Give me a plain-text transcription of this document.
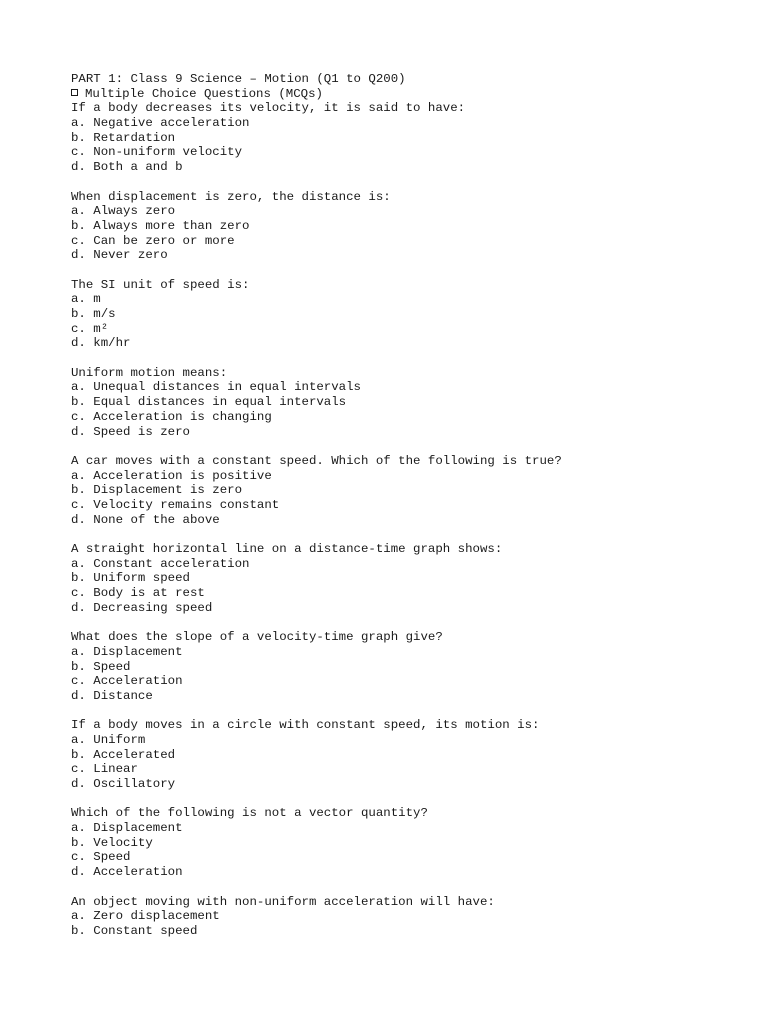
PART 1: Class 9 Science – Motion (Q1 to Q200)
Multiple Choice Questions (MCQs)
If a body decreases its velocity, it is said to have:
a. Negative acceleration
b. Retardation
c. Non-uniform velocity
d. Both a and b
When displacement is zero, the distance is:
a. Always zero
b. Always more than zero
c. Can be zero or more
d. Never zero
The SI unit of speed is:
a. m
b. m/s
c. m²
d. km/hr
Uniform motion means:
a. Unequal distances in equal intervals
b. Equal distances in equal intervals
c. Acceleration is changing
d. Speed is zero
A car moves with a constant speed. Which of the following is true?
a. Acceleration is positive
b. Displacement is zero
c. Velocity remains constant
d. None of the above
A straight horizontal line on a distance-time graph shows:
a. Constant acceleration
b. Uniform speed
c. Body is at rest
d. Decreasing speed
What does the slope of a velocity-time graph give?
a. Displacement
b. Speed
c. Acceleration
d. Distance
If a body moves in a circle with constant speed, its motion is:
a. Uniform
b. Accelerated
c. Linear
d. Oscillatory
Which of the following is not a vector quantity?
a. Displacement
b. Velocity
c. Speed
d. Acceleration
An object moving with non-uniform acceleration will have:
a. Zero displacement
b. Constant speed
